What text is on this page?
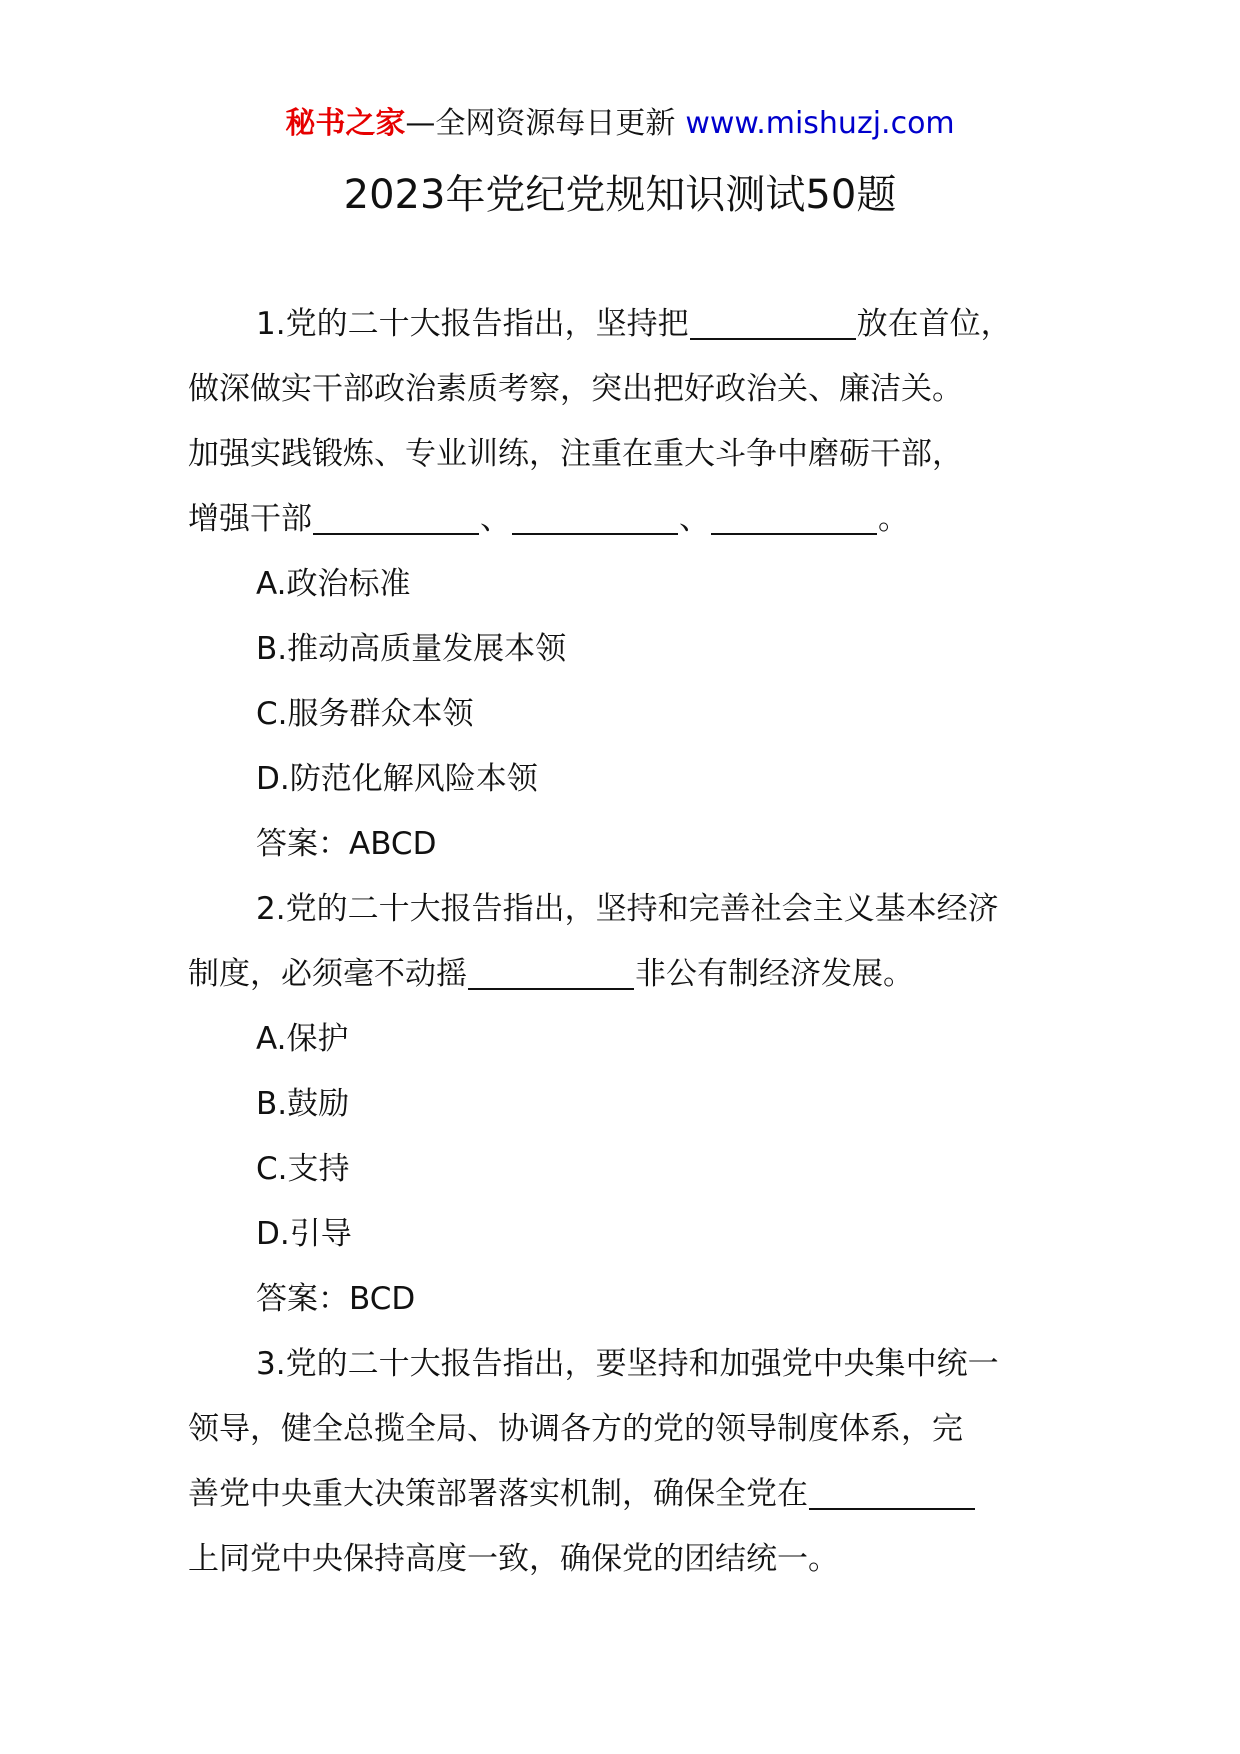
秘书之家—全网资源每日更新 www.mishuzj.com
2023年党纪党规知识测试50题
1.党的二十大报告指出，坚持把	放在首位，
做深做实干部政治素质考察，突出把好政治关、廉洁关。
加强实践锻炼、专业训练，注重在重大斗争中磨砺干部，
增强干部	、	、	。
A.政治标准
B.推动高质量发展本领
C.服务群众本领
D.防范化解风险本领
答案：ABCD
2.党的二十大报告指出，坚持和完善社会主义基本经济
制度，必须毫不动摇	非公有制经济发展。
A.保护
B.鼓励
C.支持
D.引导
答案：BCD
3.党的二十大报告指出，要坚持和加强党中央集中统一
领导，健全总揽全局、协调各方的党的领导制度体系，完
善党中央重大决策部署落实机制，确保全党在
上同党中央保持高度一致，确保党的团结统一。
